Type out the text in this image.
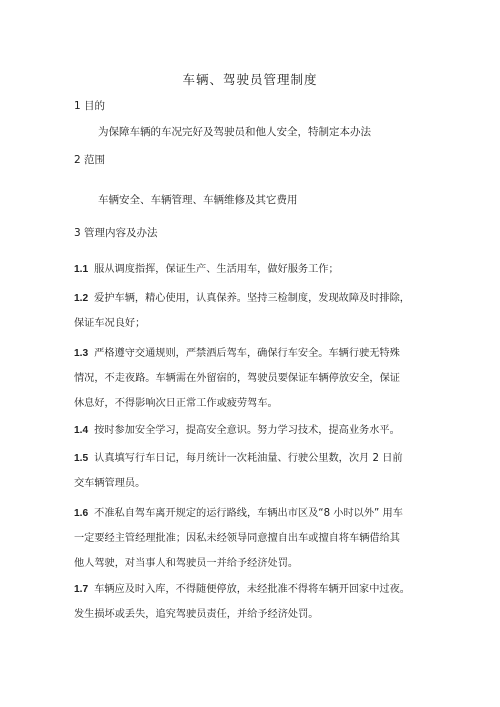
车辆、驾驶员管理制度
1 目的
为保障车辆的车况完好及驾驶员和他人安全，特制定本办法
2 范围
车辆安全、车辆管理、车辆维修及其它费用
3 管理内容及办法
1.1 服从调度指挥，保证生产、生活用车，做好服务工作；
1.2 爱护车辆，精心使用，认真保养。坚持三检制度，发现故障及时排除，
保证车况良好；
1.3 严格遵守交通规则，严禁酒后驾车，确保行车安全。车辆行驶无特殊
情况，不走夜路。车辆需在外留宿的，驾驶员要保证车辆停放安全，保证
休息好，不得影响次日正常工作或疲劳驾车。
1.4 按时参加安全学习，提高安全意识。努力学习技术，提高业务水平。
1.5 认真填写行车日记，每月统计一次耗油量、行驶公里数，次月 2 日前
交车辆管理员。
1.6 不准私自驾车离开规定的运行路线，车辆出市区及“8 小时以外” 用车
一定要经主管经理批准；因私未经领导同意擅自出车或擅自将车辆借给其
他人驾驶，对当事人和驾驶员一并给予经济处罚。
1.7 车辆应及时入库，不得随便停放，未经批准不得将车辆开回家中过夜。
发生损坏或丢失，追究驾驶员责任，并给予经济处罚。
